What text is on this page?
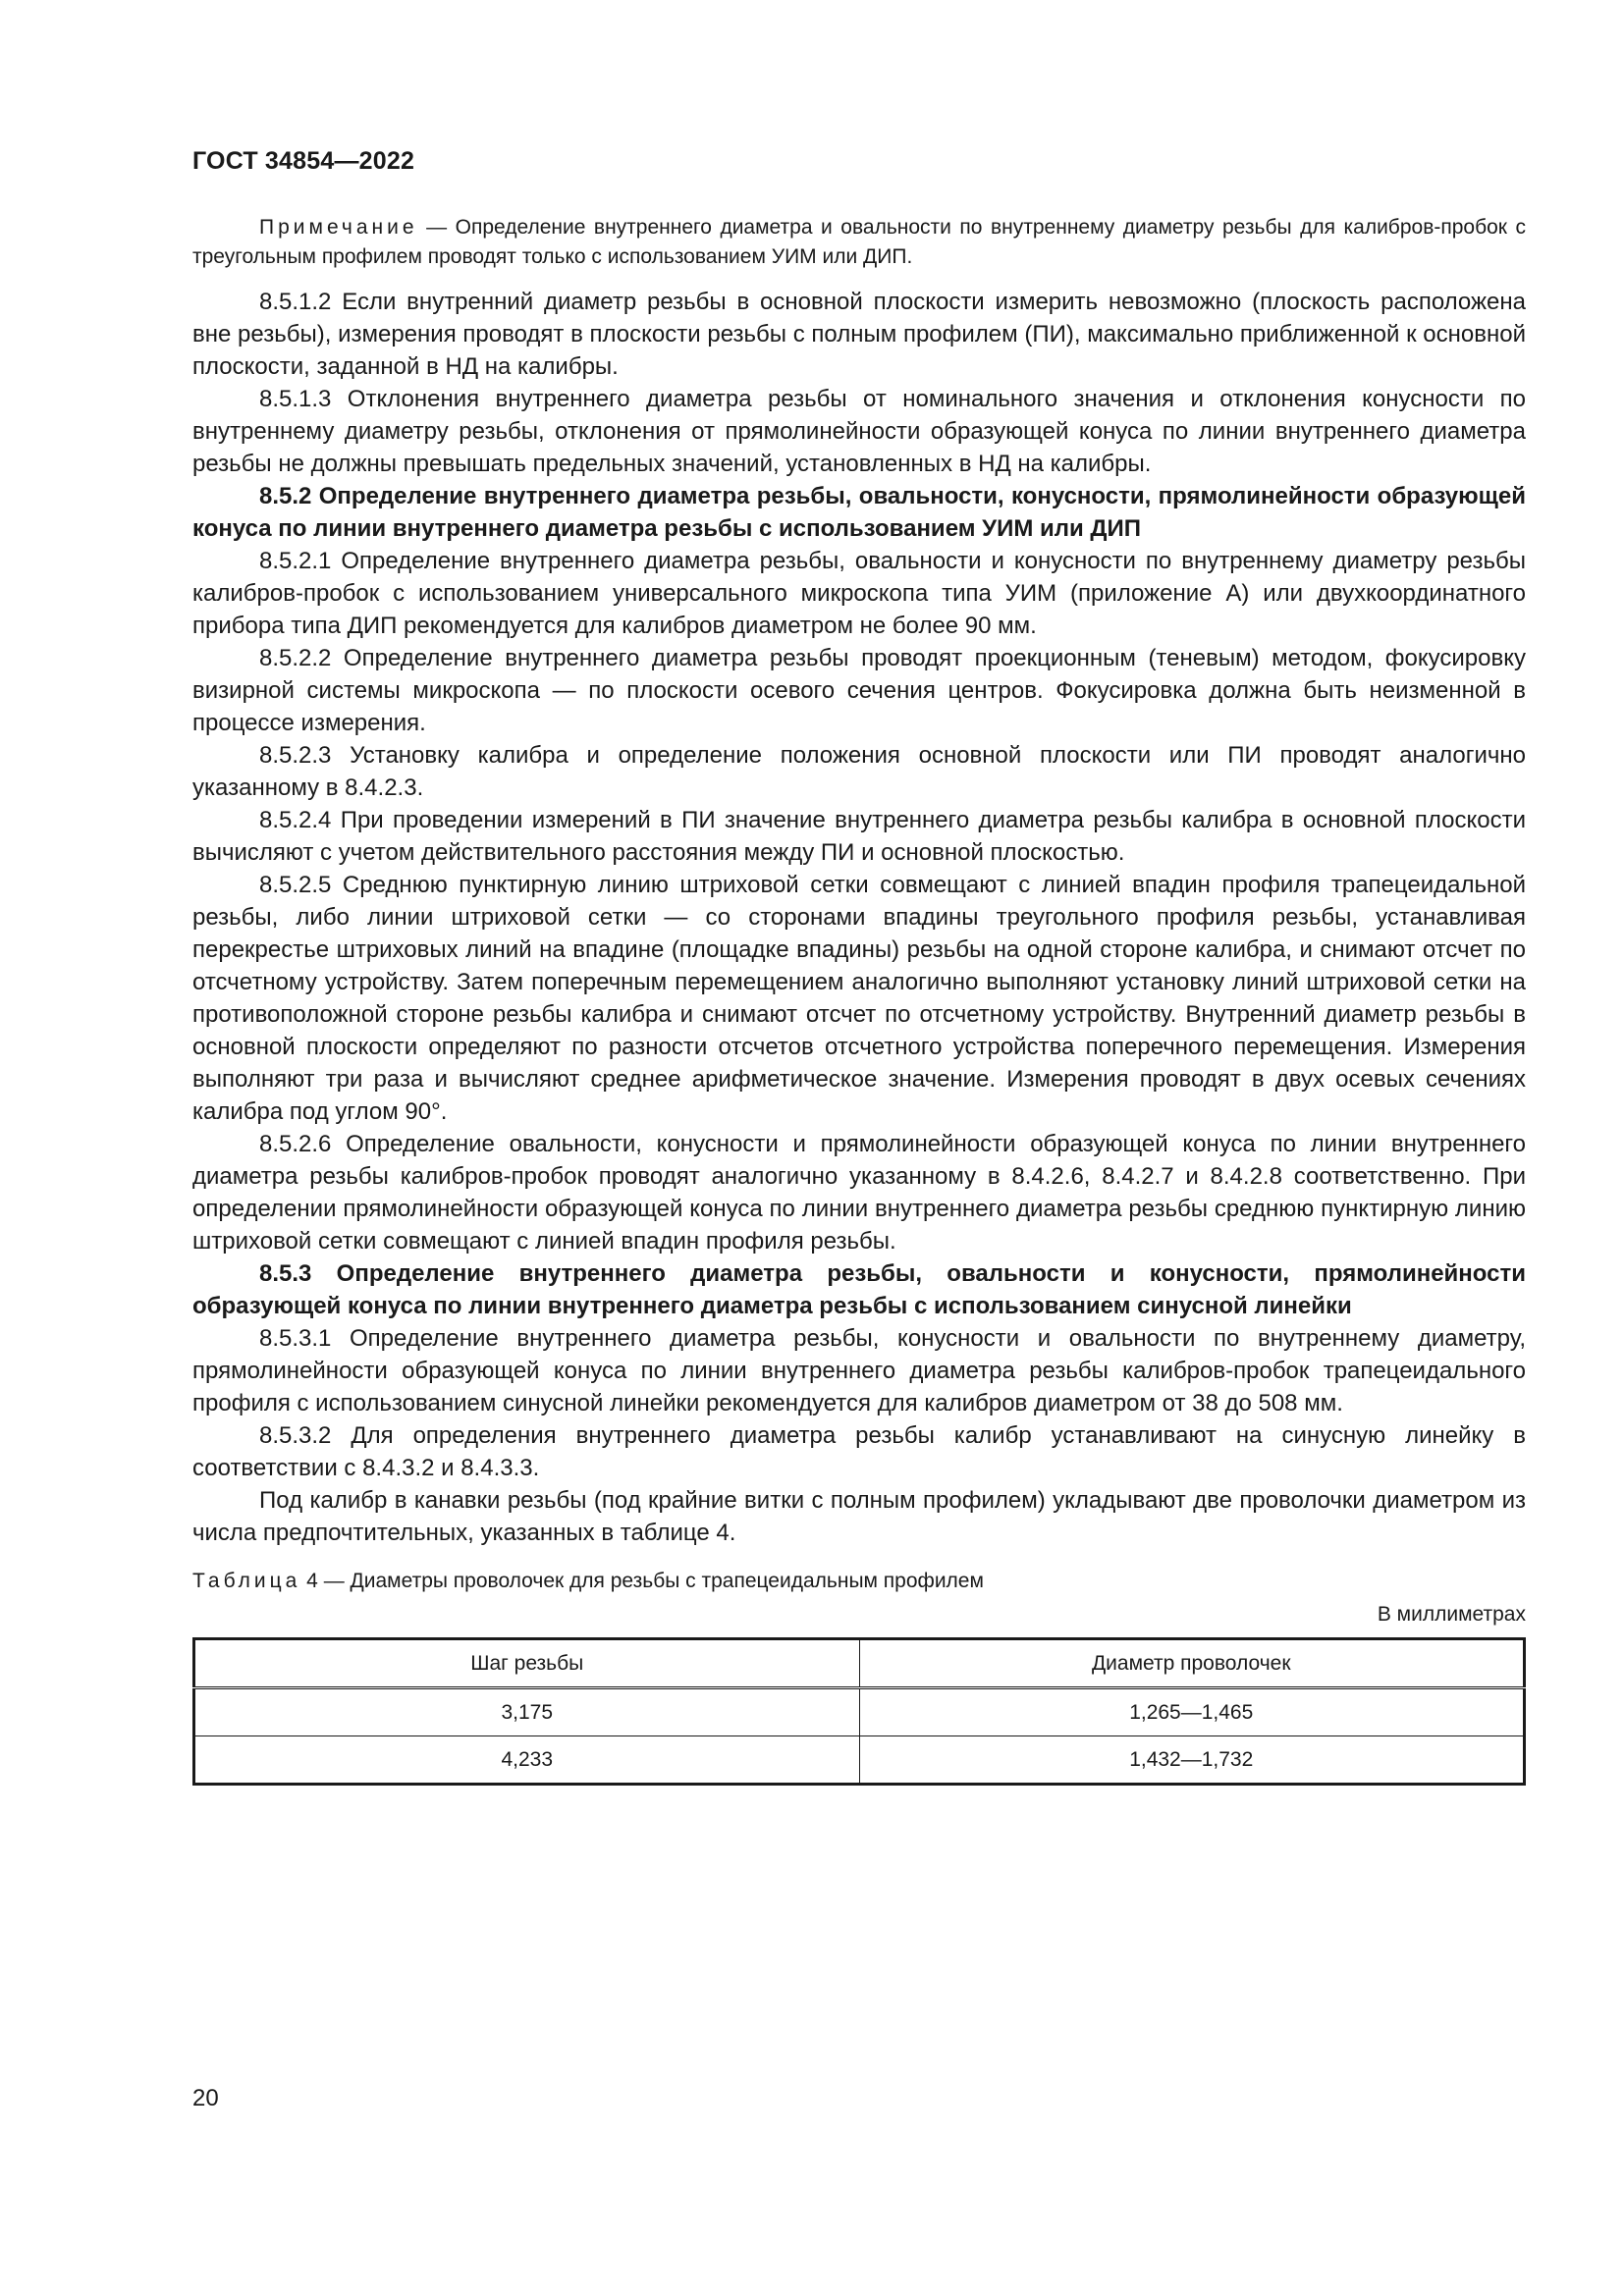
ГОСТ 34854—2022

Примечание — Определение внутреннего диаметра и овальности по внутреннему диаметру резьбы для калибров-пробок с треугольным профилем проводят только с использованием УИМ или ДИП.

8.5.1.2 Если внутренний диаметр резьбы в основной плоскости измерить невозможно (плоскость расположена вне резьбы), измерения проводят в плоскости резьбы с полным профилем (ПИ), максимально приближенной к основной плоскости, заданной в НД на калибры.

8.5.1.3 Отклонения внутреннего диаметра резьбы от номинального значения и отклонения конусности по внутреннему диаметру резьбы, отклонения от прямолинейности образующей конуса по линии внутреннего диаметра резьбы не должны превышать предельных значений, установленных в НД на калибры.

8.5.2 Определение внутреннего диаметра резьбы, овальности, конусности, прямолинейности образующей конуса по линии внутреннего диаметра резьбы с использованием УИМ или ДИП

8.5.2.1 Определение внутреннего диаметра резьбы, овальности и конусности по внутреннему диаметру резьбы калибров-пробок с использованием универсального микроскопа типа УИМ (приложение А) или двухкоординатного прибора типа ДИП рекомендуется для калибров диаметром не более 90 мм.

8.5.2.2 Определение внутреннего диаметра резьбы проводят проекционным (теневым) методом, фокусировку визирной системы микроскопа — по плоскости осевого сечения центров. Фокусировка должна быть неизменной в процессе измерения.

8.5.2.3 Установку калибра и определение положения основной плоскости или ПИ проводят аналогично указанному в 8.4.2.3.

8.5.2.4 При проведении измерений в ПИ значение внутреннего диаметра резьбы калибра в основной плоскости вычисляют с учетом действительного расстояния между ПИ и основной плоскостью.

8.5.2.5 Среднюю пунктирную линию штриховой сетки совмещают с линией впадин профиля трапецеидальной резьбы, либо линии штриховой сетки — со сторонами впадины треугольного профиля резьбы, устанавливая перекрестье штриховых линий на впадине (площадке впадины) резьбы на одной стороне калибра, и снимают отсчет по отсчетному устройству. Затем поперечным перемещением аналогично выполняют установку линий штриховой сетки на противоположной стороне резьбы калибра и снимают отсчет по отсчетному устройству. Внутренний диаметр резьбы в основной плоскости определяют по разности отсчетов отсчетного устройства поперечного перемещения. Измерения выполняют три раза и вычисляют среднее арифметическое значение. Измерения проводят в двух осевых сечениях калибра под углом 90°.

8.5.2.6 Определение овальности, конусности и прямолинейности образующей конуса по линии внутреннего диаметра резьбы калибров-пробок проводят аналогично указанному в 8.4.2.6, 8.4.2.7 и 8.4.2.8 соответственно. При определении прямолинейности образующей конуса по линии внутреннего диаметра резьбы среднюю пунктирную линию штриховой сетки совмещают с линией впадин профиля резьбы.

8.5.3 Определение внутреннего диаметра резьбы, овальности и конусности, прямолинейности образующей конуса по линии внутреннего диаметра резьбы с использованием синусной линейки

8.5.3.1 Определение внутреннего диаметра резьбы, конусности и овальности по внутреннему диаметру, прямолинейности образующей конуса по линии внутреннего диаметра резьбы калибров-пробок трапецеидального профиля с использованием синусной линейки рекомендуется для калибров диаметром от 38 до 508 мм.

8.5.3.2 Для определения внутреннего диаметра резьбы калибр устанавливают на синусную линейку в соответствии с 8.4.3.2 и 8.4.3.3.

Под калибр в канавки резьбы (под крайние витки с полным профилем) укладывают две проволочки диаметром из числа предпочтительных, указанных в таблице 4.

Таблица 4 — Диаметры проволочек для резьбы с трапецеидальным профилем
В миллиметрах
Шаг резьбы	Диаметр проволочек
3,175	1,265—1,465
4,233	1,432—1,732
20
